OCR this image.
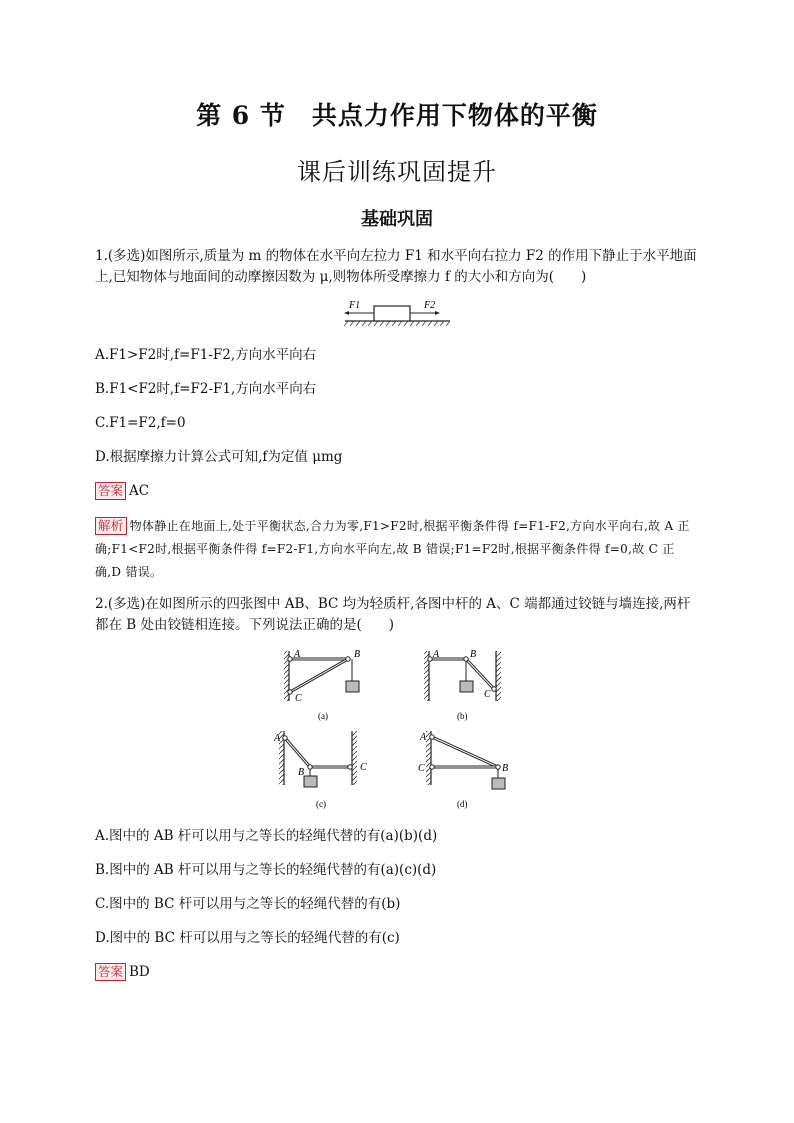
第 6 节　共点力作用下物体的平衡
课后训练巩固提升
基础巩固
1.(多选)如图所示,质量为 m 的物体在水平向左拉力 F1 和水平向右拉力 F2 的作用下静止于水平地面上,已知物体与地面间的动摩擦因数为 μ,则物体所受摩擦力 f 的大小和方向为(　　)
F1	F2
A.F1>F2时,f=F1-F2,方向水平向右
B.F1<F2时,f=F2-F1,方向水平向右
C.F1=F2,f=0
D.根据摩擦力计算公式可知,f为定值 μmg
答案 AC
解析 物体静止在地面上,处于平衡状态,合力为零,F1>F2时,根据平衡条件得 f=F1-F2,方向水平向右,故 A 正确;F1<F2时,根据平衡条件得 f=F2-F1,方向水平向左,故 B 错误;F1=F2时,根据平衡条件得 f=0,故 C 正确,D 错误。
2.(多选)在如图所示的四张图中 AB、BC 均为轻质杆,各图中杆的 A、C 端都通过铰链与墙连接,两杆都在 B 处由铰链相连接。下列说法正确的是(　　)
A	B
C
(a)
A	B
C
(b)
A
B	C
(c)
A
B
C
(d)
A.图中的 AB 杆可以用与之等长的轻绳代替的有(a)(b)(d)
B.图中的 AB 杆可以用与之等长的轻绳代替的有(a)(c)(d)
C.图中的 BC 杆可以用与之等长的轻绳代替的有(b)
D.图中的 BC 杆可以用与之等长的轻绳代替的有(c)
答案 BD
